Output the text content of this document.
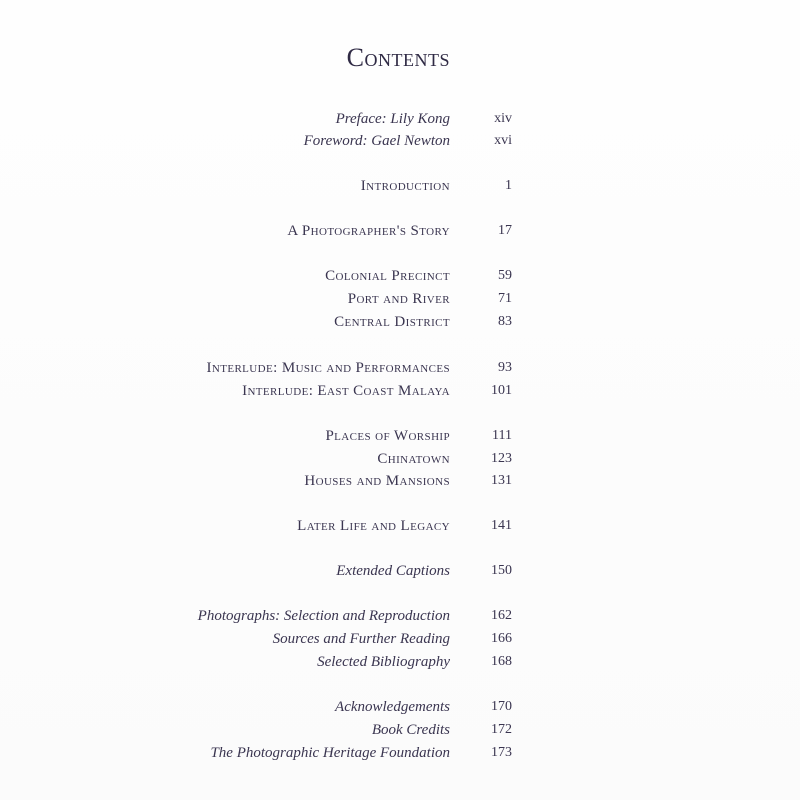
Contents
Preface: Lily Kong	xiv
Foreword: Gael Newton	xvi
Introduction	1
A Photographer's Story	17
Colonial Precinct	59
Port and River	71
Central District	83
Interlude: Music and Performances	93
Interlude: East Coast Malaya	101
Places of Worship	111
Chinatown	123
Houses and Mansions	131
Later Life and Legacy	141
Extended Captions	150
Photographs: Selection and Reproduction	162
Sources and Further Reading	166
Selected Bibliography	168
Acknowledgements	170
Book Credits	172
The Photographic Heritage Foundation	173
